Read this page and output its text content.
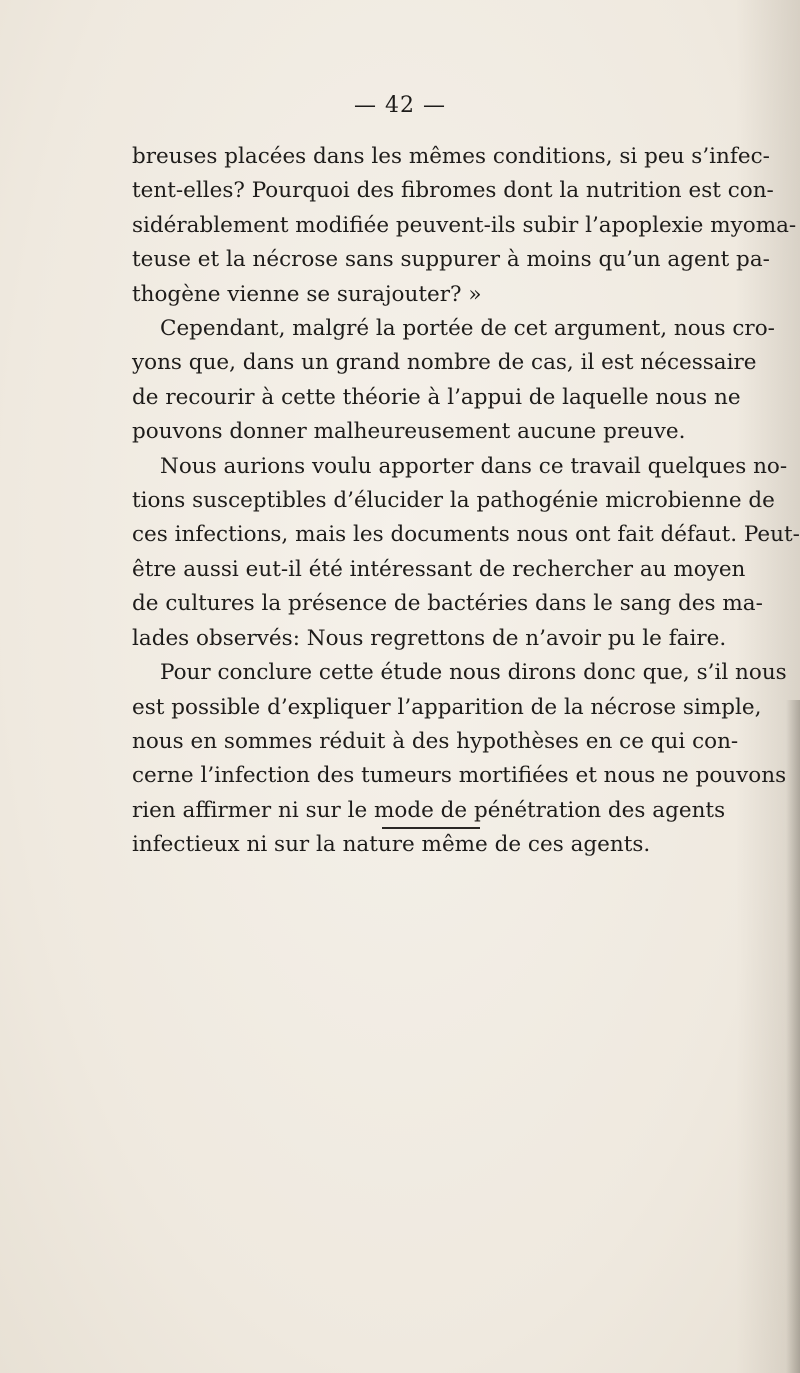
— 42 —
breuses placées dans les mêmes conditions, si peu s’infec-
tent-elles? Pourquoi des fibromes dont la nutrition est con-
sidérablement modifiée peuvent-ils subir l’apoplexie myoma-
teuse et la nécrose sans suppurer à moins qu’un agent pa-
thogène vienne se surajouter? »
Cependant, malgré la portée de cet argument, nous cro-
yons que, dans un grand nombre de cas, il est nécessaire
de recourir à cette théorie à l’appui de laquelle nous ne
pouvons donner malheureusement aucune preuve.
Nous aurions voulu apporter dans ce travail quelques no-
tions susceptibles d’élucider la pathogénie microbienne de
ces infections, mais les documents nous ont fait défaut. Peut-
être aussi eut-il été intéressant de rechercher au moyen
de cultures la présence de bactéries dans le sang des ma-
lades observés: Nous regrettons de n’avoir pu le faire.
Pour conclure cette étude nous dirons donc que, s’il nous
est possible d’expliquer l’apparition de la nécrose simple,
nous en sommes réduit à des hypothèses en ce qui con-
cerne l’infection des tumeurs mortifiées et nous ne pouvons
rien affirmer ni sur le mode de pénétration des agents
infectieux ni sur la nature même de ces agents.
